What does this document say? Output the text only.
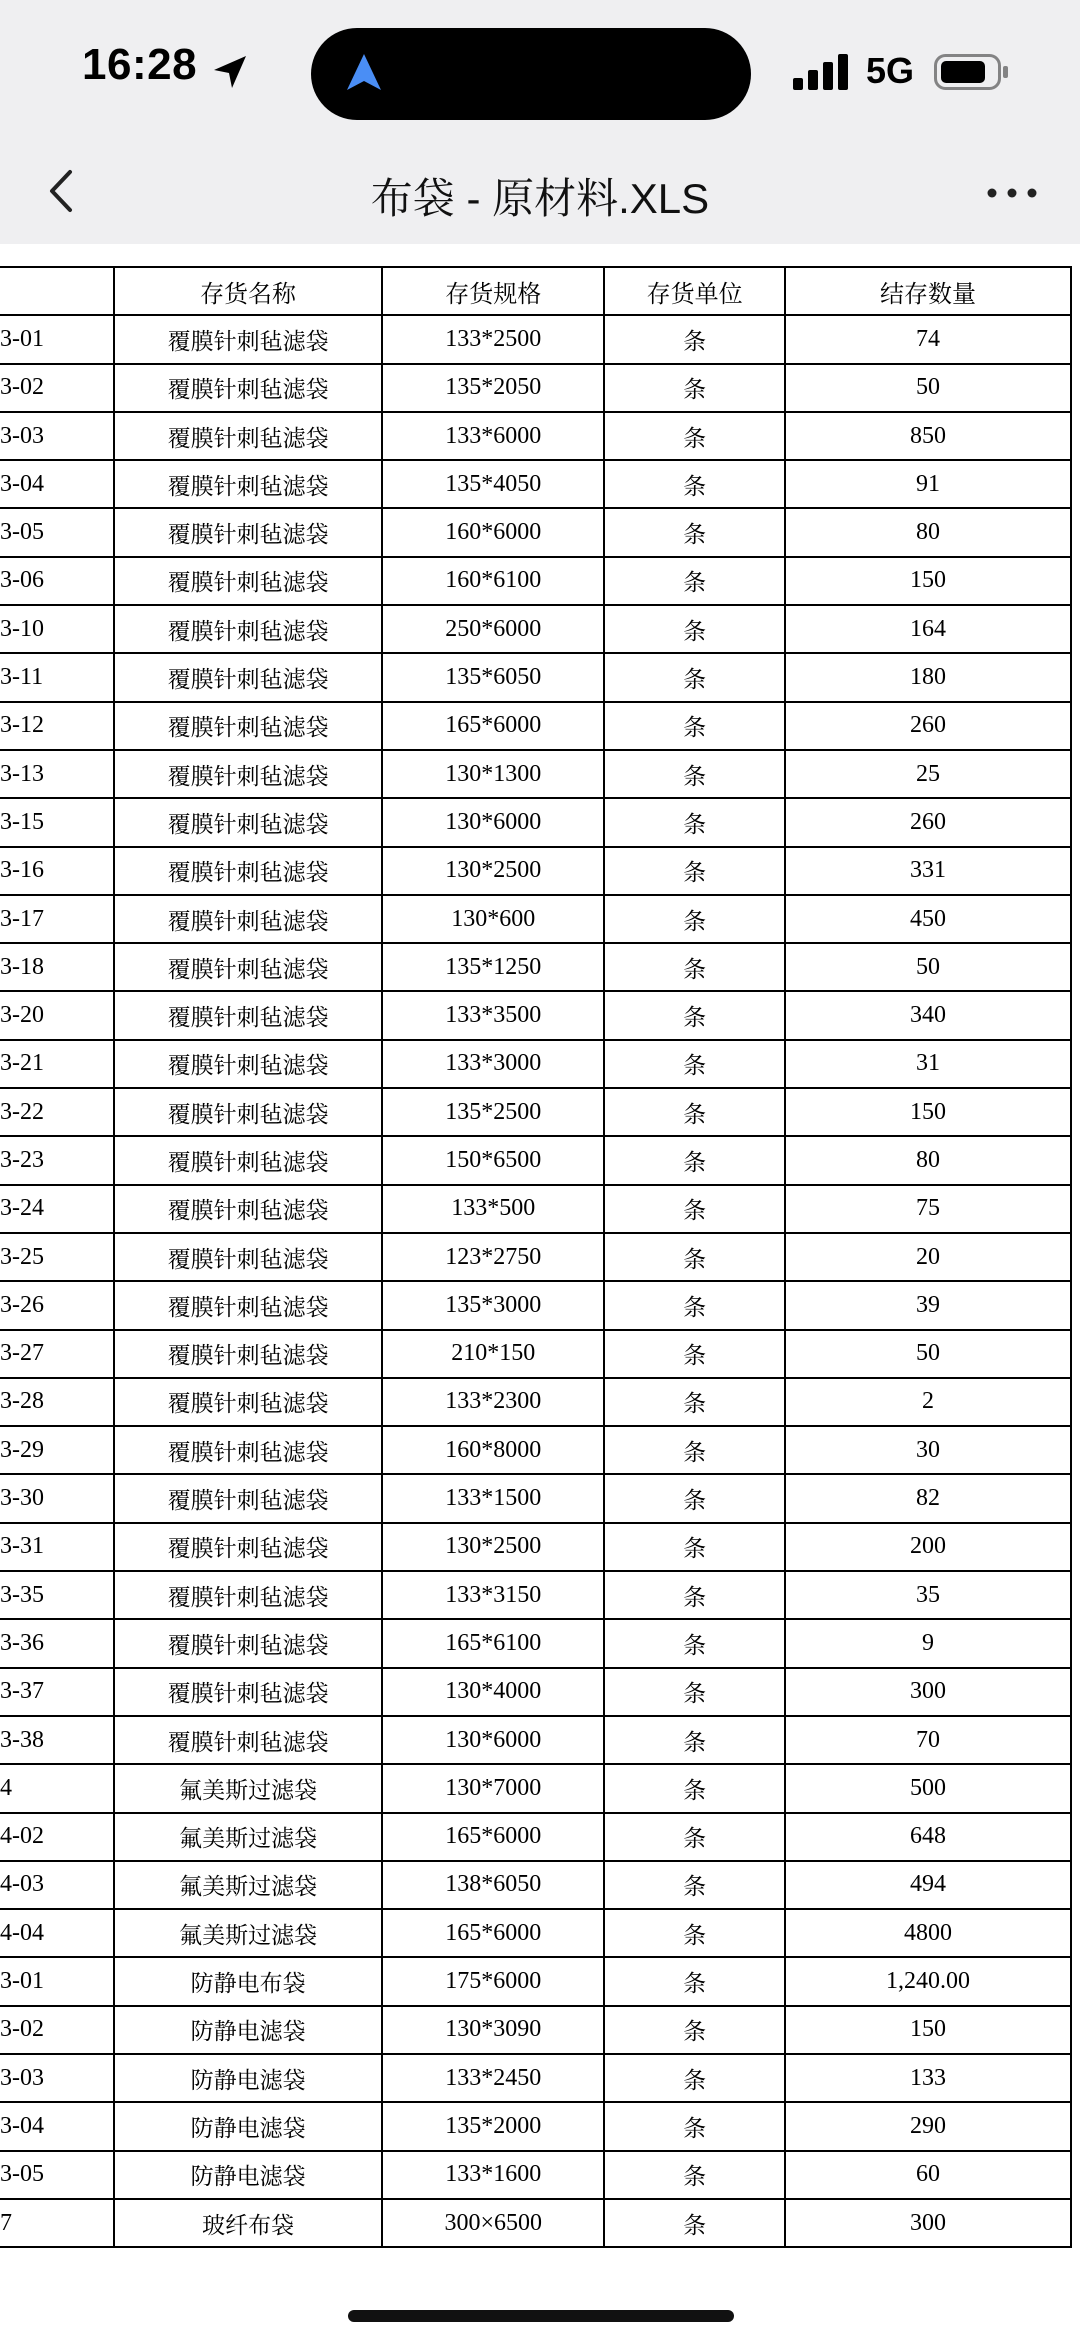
16:28	5G
布袋 - 原材料.XLS
	存货名称	存货规格	存货单位	结存数量
3-01	覆膜针刺毡滤袋	133*2500	条	74
3-02	覆膜针刺毡滤袋	135*2050	条	50
3-03	覆膜针刺毡滤袋	133*6000	条	850
3-04	覆膜针刺毡滤袋	135*4050	条	91
3-05	覆膜针刺毡滤袋	160*6000	条	80
3-06	覆膜针刺毡滤袋	160*6100	条	150
3-10	覆膜针刺毡滤袋	250*6000	条	164
3-11	覆膜针刺毡滤袋	135*6050	条	180
3-12	覆膜针刺毡滤袋	165*6000	条	260
3-13	覆膜针刺毡滤袋	130*1300	条	25
3-15	覆膜针刺毡滤袋	130*6000	条	260
3-16	覆膜针刺毡滤袋	130*2500	条	331
3-17	覆膜针刺毡滤袋	130*600	条	450
3-18	覆膜针刺毡滤袋	135*1250	条	50
3-20	覆膜针刺毡滤袋	133*3500	条	340
3-21	覆膜针刺毡滤袋	133*3000	条	31
3-22	覆膜针刺毡滤袋	135*2500	条	150
3-23	覆膜针刺毡滤袋	150*6500	条	80
3-24	覆膜针刺毡滤袋	133*500	条	75
3-25	覆膜针刺毡滤袋	123*2750	条	20
3-26	覆膜针刺毡滤袋	135*3000	条	39
3-27	覆膜针刺毡滤袋	210*150	条	50
3-28	覆膜针刺毡滤袋	133*2300	条	2
3-29	覆膜针刺毡滤袋	160*8000	条	30
3-30	覆膜针刺毡滤袋	133*1500	条	82
3-31	覆膜针刺毡滤袋	130*2500	条	200
3-35	覆膜针刺毡滤袋	133*3150	条	35
3-36	覆膜针刺毡滤袋	165*6100	条	9
3-37	覆膜针刺毡滤袋	130*4000	条	300
3-38	覆膜针刺毡滤袋	130*6000	条	70
4	氟美斯过滤袋	130*7000	条	500
4-02	氟美斯过滤袋	165*6000	条	648
4-03	氟美斯过滤袋	138*6050	条	494
4-04	氟美斯过滤袋	165*6000	条	4800
3-01	防静电布袋	175*6000	条	1,240.00
3-02	防静电滤袋	130*3090	条	150
3-03	防静电滤袋	133*2450	条	133
3-04	防静电滤袋	135*2000	条	290
3-05	防静电滤袋	133*1600	条	60
7	玻纤布袋	300×6500	条	300
